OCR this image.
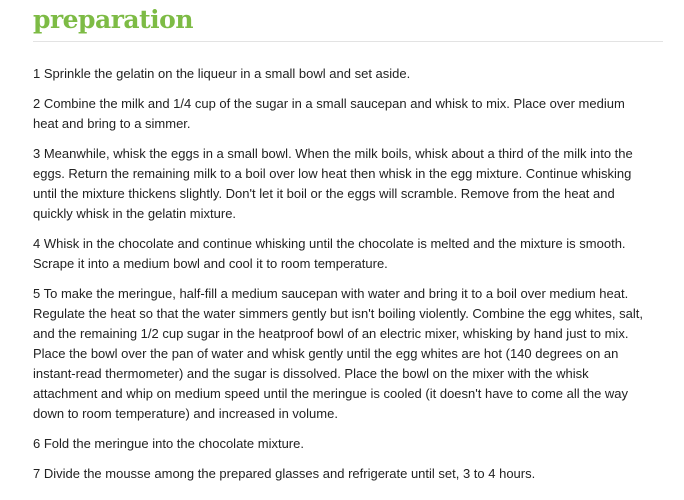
preparation
1 Sprinkle the gelatin on the liqueur in a small bowl and set aside.
2 Combine the milk and 1/4 cup of the sugar in a small saucepan and whisk to mix. Place over medium heat and bring to a simmer.
3 Meanwhile, whisk the eggs in a small bowl. When the milk boils, whisk about a third of the milk into the eggs. Return the remaining milk to a boil over low heat then whisk in the egg mixture. Continue whisking until the mixture thickens slightly. Don't let it boil or the eggs will scramble. Remove from the heat and quickly whisk in the gelatin mixture.
4 Whisk in the chocolate and continue whisking until the chocolate is melted and the mixture is smooth. Scrape it into a medium bowl and cool it to room temperature.
5 To make the meringue, half-fill a medium saucepan with water and bring it to a boil over medium heat. Regulate the heat so that the water simmers gently but isn't boiling violently. Combine the egg whites, salt, and the remaining 1/2 cup sugar in the heatproof bowl of an electric mixer, whisking by hand just to mix. Place the bowl over the pan of water and whisk gently until the egg whites are hot (140 degrees on an instant-read thermometer) and the sugar is dissolved. Place the bowl on the mixer with the whisk attachment and whip on medium speed until the meringue is cooled (it doesn't have to come all the way down to room temperature) and increased in volume.
6 Fold the meringue into the chocolate mixture.
7 Divide the mousse among the prepared glasses and refrigerate until set, 3 to 4 hours.
